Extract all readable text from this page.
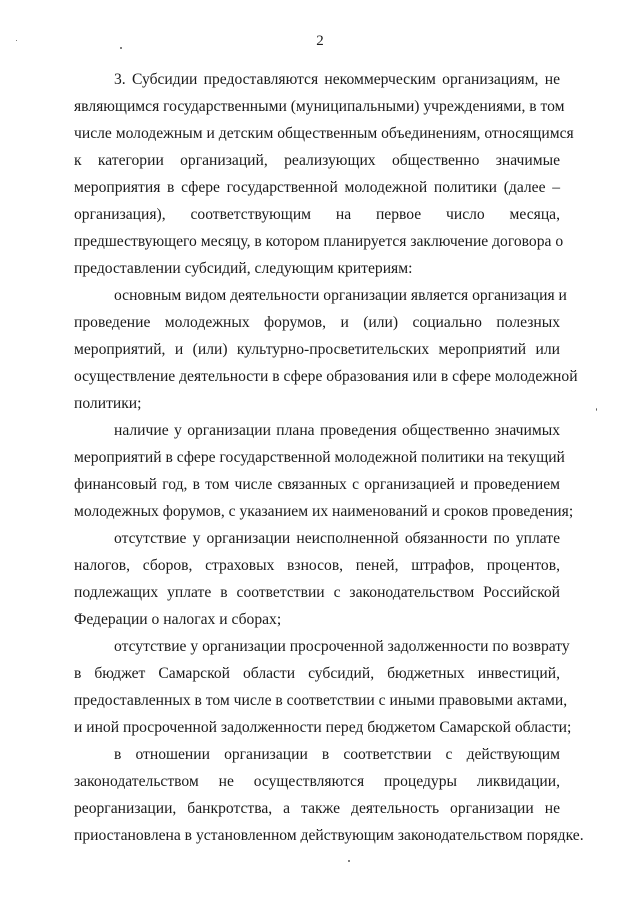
2
3. Субсидии предоставляются некоммерческим организациям, не
являющимся государственными (муниципальными) учреждениями, в том
числе молодежным и детским общественным объединениям, относящимся
к категории организаций, реализующих общественно значимые
мероприятия в сфере государственной молодежной политики (далее –
организация), соответствующим на первое число месяца,
предшествующего месяцу, в котором планируется заключение договора о
предоставлении субсидий, следующим критериям:
основным видом деятельности организации является организация и
проведение молодежных форумов, и (или) социально полезных
мероприятий, и (или) культурно-просветительских мероприятий или
осуществление деятельности в сфере образования или в сфере молодежной
политики;
наличие у организации плана проведения общественно значимых
мероприятий в сфере государственной молодежной политики на текущий
финансовый год, в том числе связанных с организацией и проведением
молодежных форумов, с указанием их наименований и сроков проведения;
отсутствие у организации неисполненной обязанности по уплате
налогов, сборов, страховых взносов, пеней, штрафов, процентов,
подлежащих уплате в соответствии с законодательством Российской
Федерации о налогах и сборах;
отсутствие у организации просроченной задолженности по возврату
в бюджет Самарской области субсидий, бюджетных инвестиций,
предоставленных в том числе в соответствии с иными правовыми актами,
и иной просроченной задолженности перед бюджетом Самарской области;
в отношении организации в соответствии с действующим
законодательством не осуществляются процедуры ликвидации,
реорганизации, банкротства, а также деятельность организации не
приостановлена в установленном действующим законодательством порядке.
